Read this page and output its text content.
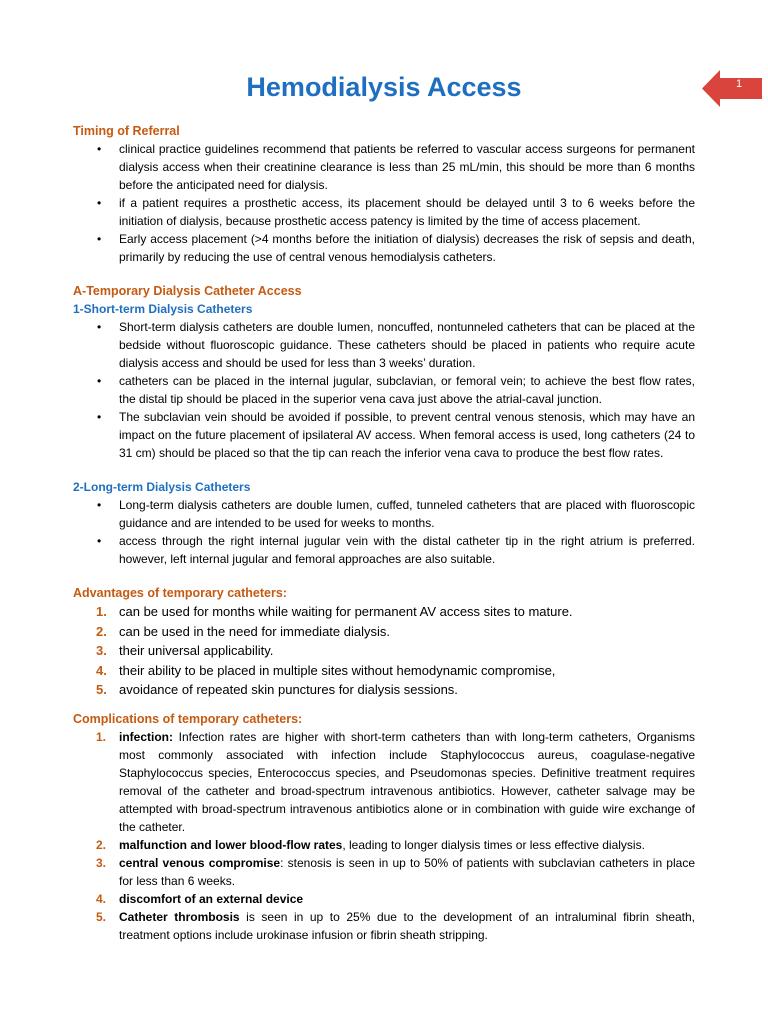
Hemodialysis Access	1
Timing of Referral
• clinical practice guidelines recommend that patients be referred to vascular access surgeons for permanent dialysis access when their creatinine clearance is less than 25 mL/min, this should be more than 6 months before the anticipated need for dialysis.
• if a patient requires a prosthetic access, its placement should be delayed until 3 to 6 weeks before the initiation of dialysis, because prosthetic access patency is limited by the time of access placement.
• Early access placement (>4 months before the initiation of dialysis) decreases the risk of sepsis and death, primarily by reducing the use of central venous hemodialysis catheters.
A-Temporary Dialysis Catheter Access
1-Short-term Dialysis Catheters
• Short-term dialysis catheters are double lumen, noncuffed, nontunneled catheters that can be placed at the bedside without fluoroscopic guidance. These catheters should be placed in patients who require acute dialysis access and should be used for less than 3 weeks’ duration.
• catheters can be placed in the internal jugular, subclavian, or femoral vein; to achieve the best flow rates, the distal tip should be placed in the superior vena cava just above the atrial-caval junction.
• The subclavian vein should be avoided if possible, to prevent central venous stenosis, which may have an impact on the future placement of ipsilateral AV access. When femoral access is used, long catheters (24 to 31 cm) should be placed so that the tip can reach the inferior vena cava to produce the best flow rates.
2-Long-term Dialysis Catheters
• Long-term dialysis catheters are double lumen, cuffed, tunneled catheters that are placed with fluoroscopic guidance and are intended to be used for weeks to months.
• access through the right internal jugular vein with the distal catheter tip in the right atrium is preferred. however, left internal jugular and femoral approaches are also suitable.
Advantages of temporary catheters:
1. can be used for months while waiting for permanent AV access sites to mature.
2. can be used in the need for immediate dialysis.
3. their universal applicability.
4. their ability to be placed in multiple sites without hemodynamic compromise,
5. avoidance of repeated skin punctures for dialysis sessions.
Complications of temporary catheters:
1. infection: Infection rates are higher with short-term catheters than with long-term catheters, Organisms most commonly associated with infection include Staphylococcus aureus, coagulase-negative Staphylococcus species, Enterococcus species, and Pseudomonas species. Definitive treatment requires removal of the catheter and broad-spectrum intravenous antibiotics. However, catheter salvage may be attempted with broad-spectrum intravenous antibiotics alone or in combination with guide wire exchange of the catheter.
2. malfunction and lower blood-flow rates, leading to longer dialysis times or less effective dialysis.
3. central venous compromise: stenosis is seen in up to 50% of patients with subclavian catheters in place for less than 6 weeks.
4. discomfort of an external device
5. Catheter thrombosis is seen in up to 25% due to the development of an intraluminal fibrin sheath, treatment options include urokinase infusion or fibrin sheath stripping.
